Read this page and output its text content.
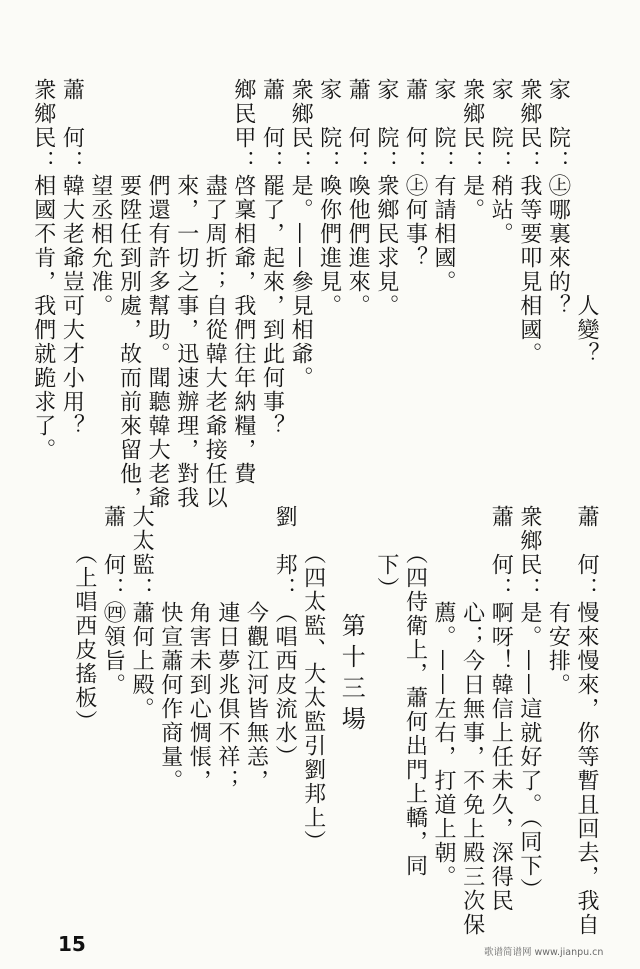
　　　　　　　　　人變？
家　院：㊤哪裏來的？
衆鄉民：我等要叩見相國。
家　院：稍站。
衆鄉民：是。
家　院：有請相國。
蕭　何：㊤何事？
家　院：衆鄉民求見。
蕭　何：喚他們進來。
家　院：喚你們進見。
衆鄉民：是。——參見相爺。
蕭　何：罷了，起來，到此何事？
鄉民甲：啓稟相爺，我們往年納糧，費
　　　　盡了周折；自從韓大老爺接任以
　　　　來，一切之事，迅速辦理，對我
　　　　們還有許多幫助。聞聽韓大老爺
　　　　要陞任到別處，故而前來留他，
　　　　望丞相允准。
蕭　何：韓大老爺豈可大才小用？
衆鄉民：相國不肯，我們就跪求了。
蕭　何：慢來慢來，你等暫且回去，我自
　　　　有安排。
衆鄉民：是。——這就好了。（同下）
蕭　何：啊呀！韓信上任未久，深得民
　　　　心；今日無事，不免上殿三次保
　　　　薦。——左右，打道上朝。
　　（四侍衛上，蕭何出門上轎，同
　　下）
第十三場
　　（四太監、大太監引劉邦上）
劉　邦：（唱西皮流水）
　　　　今觀江河皆無恙，
　　　　連日夢兆俱不祥；
　　　　角害未到心惆悵，
　　　　快宣蕭何作商量。
大太監：蕭何上殿。
蕭　何：㊃領旨。
　　（上唱西皮搖板）
15	歌谱简谱网 www.jianpu.cn
